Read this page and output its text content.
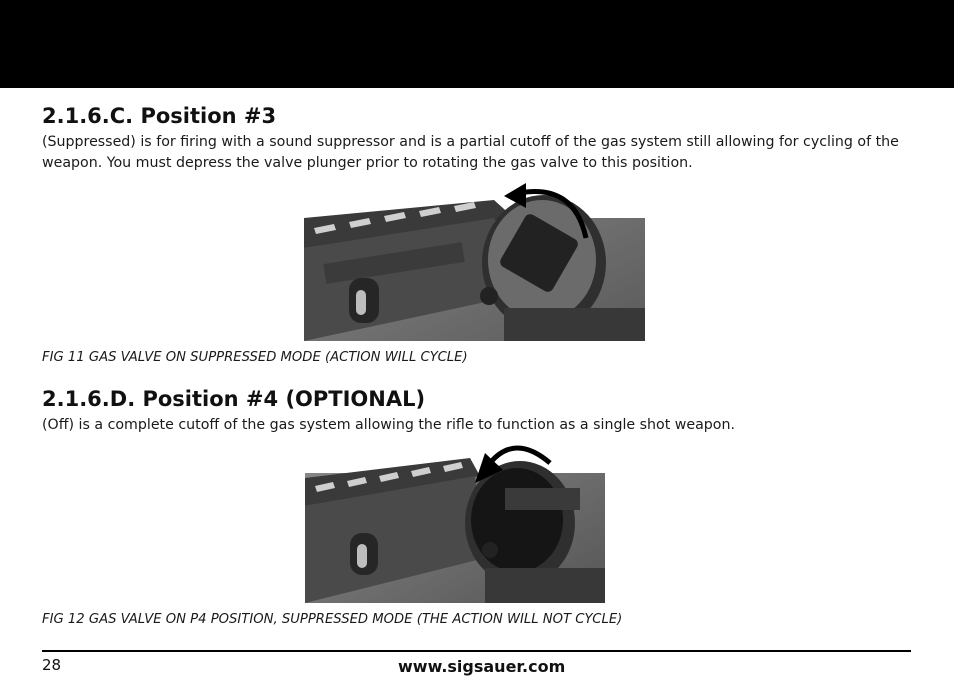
2.1.6.C. Position #3

(Suppressed) is for firing with a sound suppressor and is a partial cutoff of the gas system still allowing for cycling of the weapon. You must depress the valve plunger prior to rotating the gas valve to this position.

FIG 11 GAS VALVE ON SUPPRESSED MODE (ACTION WILL CYCLE)

2.1.6.D. Position #4 (OPTIONAL)

(Off) is a complete cutoff of the gas system allowing the rifle to function as a single shot weapon.

FIG 12 GAS VALVE ON P4 POSITION, SUPPRESSED MODE (THE ACTION WILL NOT CYCLE)

28	www.sigsauer.com
